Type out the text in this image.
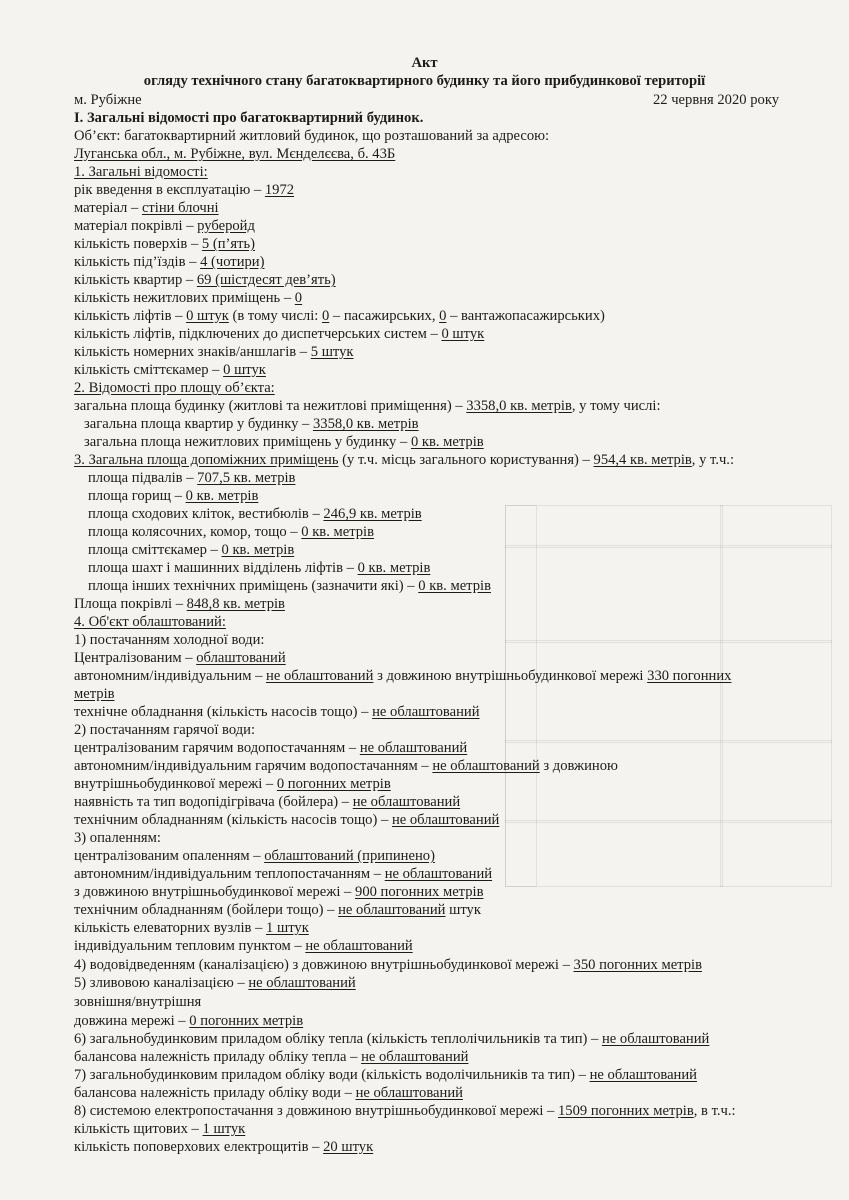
Акт
огляду технічного стану багатоквартирного будинку та його прибудинкової території
м. Рубіжне	22 червня 2020 року
І. Загальні відомості про багатоквартирний будинок.
Об’єкт: багатоквартирний житловий будинок, що розташований за адресою:
Луганська обл., м. Рубіжне, вул. Мєнделєєва, б. 43Б
1. Загальні відомості:
рік введення в експлуатацію – 1972
матеріал – стіни блочні
матеріал покрівлі – руберойд
кількість поверхів – 5 (п’ять)
кількість під’їздів – 4 (чотири)
кількість квартир – 69 (шістдесят дев’ять)
кількість нежитлових приміщень – 0
кількість ліфтів – 0 штук (в тому числі: 0 – пасажирських, 0 – вантажопасажирських)
кількість ліфтів, підключених до диспетчерських систем – 0 штук
кількість номерних знаків/аншлагів – 5 штук
кількість сміттєкамер – 0 штук
2. Відомості про площу об’єкта:
загальна площа будинку (житлові та нежитлові приміщення) – 3358,0 кв. метрів, у тому числі:
загальна площа квартир у будинку – 3358,0 кв. метрів
загальна площа нежитлових приміщень у будинку – 0 кв. метрів
3. Загальна площа допоміжних приміщень (у т.ч. місць загального користування) – 954,4 кв. метрів, у т.ч.:
площа підвалів – 707,5 кв. метрів
площа горищ – 0 кв. метрів
площа сходових кліток, вестибюлів – 246,9 кв. метрів
площа колясочних, комор, тощо – 0 кв. метрів
площа сміттєкамер – 0 кв. метрів
площа шахт і машинних відділень ліфтів – 0 кв. метрів
площа інших технічних приміщень (зазначити які) – 0 кв. метрів
Площа покрівлі – 848,8 кв. метрів
4. Об'єкт облаштований:
1) постачанням холодної води:
Централізованим – облаштований
автономним/індивідуальним – не облаштований з довжиною внутрішньобудинкової мережі 330 погонних
метрів
технічне обладнання (кількість насосів тощо) – не облаштований
2) постачанням гарячої води:
централізованим гарячим водопостачанням – не облаштований
автономним/індивідуальним гарячим водопостачанням – не облаштований з довжиною
внутрішньобудинкової мережі – 0 погонних метрів
наявність та тип водопідігрівача (бойлера) – не облаштований
технічним обладнанням (кількість насосів тощо) – не облаштований
3) опаленням:
централізованим опаленням – облаштований (припинено)
автономним/індивідуальним теплопостачанням – не облаштований
з довжиною внутрішньобудинкової мережі – 900 погонних метрів
технічним обладнанням (бойлери тощо) – не облаштований штук
кількість елеваторних вузлів – 1 штук
індивідуальним тепловим пунктом – не облаштований
4) водовідведенням (каналізацією) з довжиною внутрішньобудинкової мережі – 350 погонних метрів
5) зливовою каналізацією – не облаштований
зовнішня/внутрішня
довжина мережі – 0 погонних метрів
6) загальнобудинковим приладом обліку тепла (кількість теплолічильників та тип) – не облаштований
балансова належність приладу обліку тепла – не облаштований
7) загальнобудинковим приладом обліку води (кількість водолічильників та тип) – не облаштований
балансова належність приладу обліку води – не облаштований
8) системою електропостачання з довжиною внутрішньобудинкової мережі – 1509 погонних метрів, в т.ч.:
кількість щитових – 1 штук
кількість поповерхових електрощитів – 20 штук
